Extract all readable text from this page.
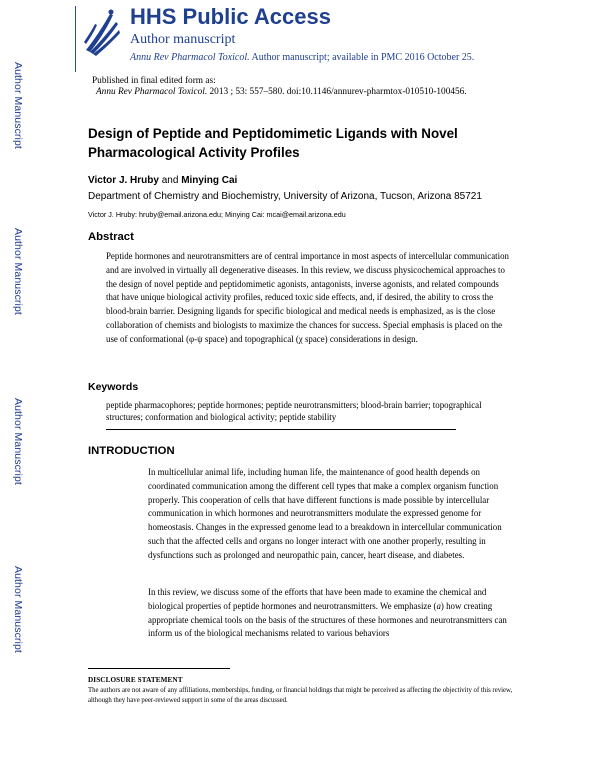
Author Manuscript
Author Manuscript
Author Manuscript
Author Manuscript
HHS Public Access
Author manuscript
Annu Rev Pharmacol Toxicol. Author manuscript; available in PMC 2016 October 25.
Published in final edited form as:
Annu Rev Pharmacol Toxicol. 2013 ; 53: 557–580. doi:10.1146/annurev-pharmtox-010510-100456.
Design of Peptide and Peptidomimetic Ligands with Novel
Pharmacological Activity Profiles
Victor J. Hruby and Minying Cai
Department of Chemistry and Biochemistry, University of Arizona, Tucson, Arizona 85721
Victor J. Hruby: hruby@email.arizona.edu; Minying Cai: mcai@email.arizona.edu
Abstract
Peptide hormones and neurotransmitters are of central importance in most aspects of intercellular communication and are involved in virtually all degenerative diseases. In this review, we discuss physicochemical approaches to the design of novel peptide and peptidomimetic agonists, antagonists, inverse agonists, and related compounds that have unique biological activity profiles, reduced toxic side effects, and, if desired, the ability to cross the blood-brain barrier. Designing ligands for specific biological and medical needs is emphasized, as is the close collaboration of chemists and biologists to maximize the chances for success. Special emphasis is placed on the use of conformational (φ-ψ space) and topographical (χ space) considerations in design.
Keywords
peptide pharmacophores; peptide hormones; peptide neurotransmitters; blood-brain barrier; topographical structures; conformation and biological activity; peptide stability
INTRODUCTION
In multicellular animal life, including human life, the maintenance of good health depends on coordinated communication among the different cell types that make a complex organism function properly. This cooperation of cells that have different functions is made possible by intercellular communication in which hormones and neurotransmitters modulate the expressed genome for homeostasis. Changes in the expressed genome lead to a breakdown in intercellular communication such that the affected cells and organs no longer interact with one another properly, resulting in dysfunctions such as prolonged and neuropathic pain, cancer, heart disease, and diabetes.
In this review, we discuss some of the efforts that have been made to examine the chemical and biological properties of peptide hormones and neurotransmitters. We emphasize (a) how creating appropriate chemical tools on the basis of the structures of these hormones and neurotransmitters can inform us of the biological mechanisms related to various behaviors
DISCLOSURE STATEMENT
The authors are not aware of any affiliations, memberships, funding, or financial holdings that might be perceived as affecting the objectivity of this review, although they have peer-reviewed support in some of the areas discussed.
